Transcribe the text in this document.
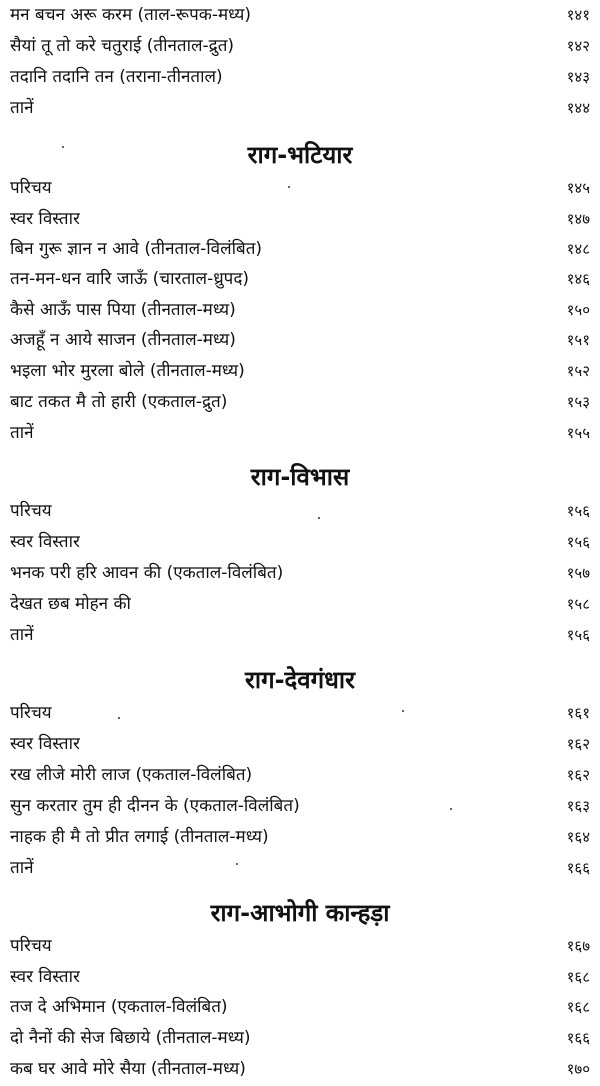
मन बचन अरू करम (ताल-रूपक-मध्य)	१४१
सैयां तू तो करे चतुराई (तीनताल-द्रुत)	१४२
तदानि तदानि तन (तराना-तीनताल)	१४३
तानें	१४४
राग-भटियार
परिचय	१४५
स्वर विस्तार	१४७
बिन गुरू ज्ञान न आवे (तीनताल-विलंबित)	१४८
तन-मन-धन वारि जाऊँ (चारताल-ध्रुपद)	१४६
कैसे आऊँ पास पिया (तीनताल-मध्य)	१५०
अजहूँ न आये साजन (तीनताल-मध्य)	१५१
भइला भोर मुरला बोले (तीनताल-मध्य)	१५२
बाट तकत मै तो हारी (एकताल-द्रुत)	१५३
तानें	१५५
राग-विभास
परिचय	१५६
स्वर विस्तार	१५६
भनक परी हरि आवन की (एकताल-विलंबित)	१५७
देखत छब मोहन की	१५८
तानें	१५६
राग-देवगंधार
परिचय	१६१
स्वर विस्तार	१६२
रख लीजे मोरी लाज (एकताल-विलंबित)	१६२
सुन करतार तुम ही दीनन के (एकताल-विलंबित)	१६३
नाहक ही मै तो प्रीत लगाई (तीनताल-मध्य)	१६४
तानें	१६६
राग-आभोगी कान्हड़ा
परिचय	१६७
स्वर विस्तार	१६८
तज दे अभिमान (एकताल-विलंबित)	१६८
दो नैनों की सेज बिछाये (तीनताल-मध्य)	१६६
कब घर आवे मोरे सैया (तीनताल-मध्य)	१७०
